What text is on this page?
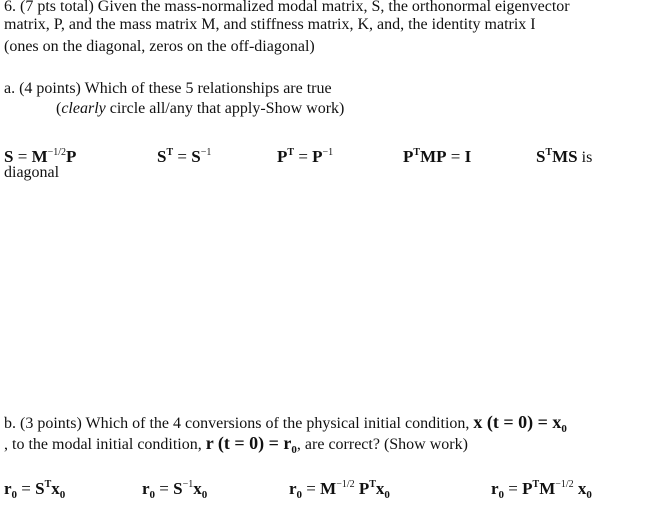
6. (7 pts total) Given the mass-normalized modal matrix, S, the orthonormal eigenvector
matrix, P, and the mass matrix M, and stiffness matrix, K, and, the identity matrix I
(ones on the diagonal, zeros on the off-diagonal)
a. (4 points) Which of these 5 relationships are true
(clearly circle all/any that apply-Show work)
$S = M^{-1/2}P$	$S^T = S^{-1}$	$P^T = P^{-1}$	$P^TMP = I$	$S^TMS$ is
diagonal
b. (3 points) Which of the 4 conversions of the physical initial condition, x $(t = 0) = x_0$
, to the modal initial condition, r $(t = 0) = r_0$, are correct? (Show work)
$r_0 = S^Tx_0$	$r_0 = S^{-1}x_0$	$r_0 = M^{-1/2}$ $P^Tx_0$	$r_0 = P^TM^{-1/2}$ $x_0$
